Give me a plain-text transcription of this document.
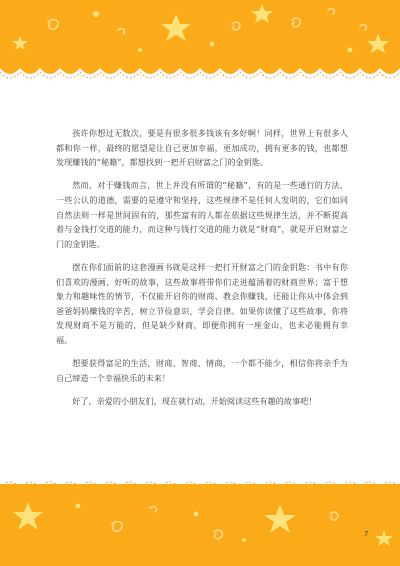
孩许你想过无数次，要是有很多很多钱该有多好啊！同样，世界上有很多人都和你一样，最终的愿望是让自己更加幸福，更加成功，拥有更多的钱，也都想发现赚钱的“秘籍”，都想找到一把开启财富之门的金钥匙。

然而，对于赚钱而言，世上并没有所谓的“秘籍”，有的是一些通行的方法，一些公认的道德，需要的是遵守和坚持，这些规律不是任何人发明的，它们如同自然法则一样是世间固有的，那些富有的人都在依据这些规律生活，并不断提高着与金钱打交道的能力，而这种与钱打交道的能力就是“财商”，就是开启财富之门的金钥匙。

摆在你们面前的这套漫画书就是这样一把打开财富之门的金钥匙：书中有你们喜欢的漫画、好听的故事，这些故事将带你们走进蕴涵着的财商世界；富于想象力和趣味性的情节，不仅能开启你的财商、教会你赚钱，还能让你从中体会到爸爸妈妈赚钱的辛苦，树立节俭意识，学会自律。如果你读懂了这些故事，你将发现财商不是万能的，但是缺少财商，即便你拥有一座金山，也未必能拥有幸福。

想要获得富足的生活，财商、智商、情商，一个都不能少，相信你将亲手为自己缔造一个幸福快乐的未来！

好了，亲爱的小朋友们，现在就行动，开始阅读这些有趣的故事吧！

7
